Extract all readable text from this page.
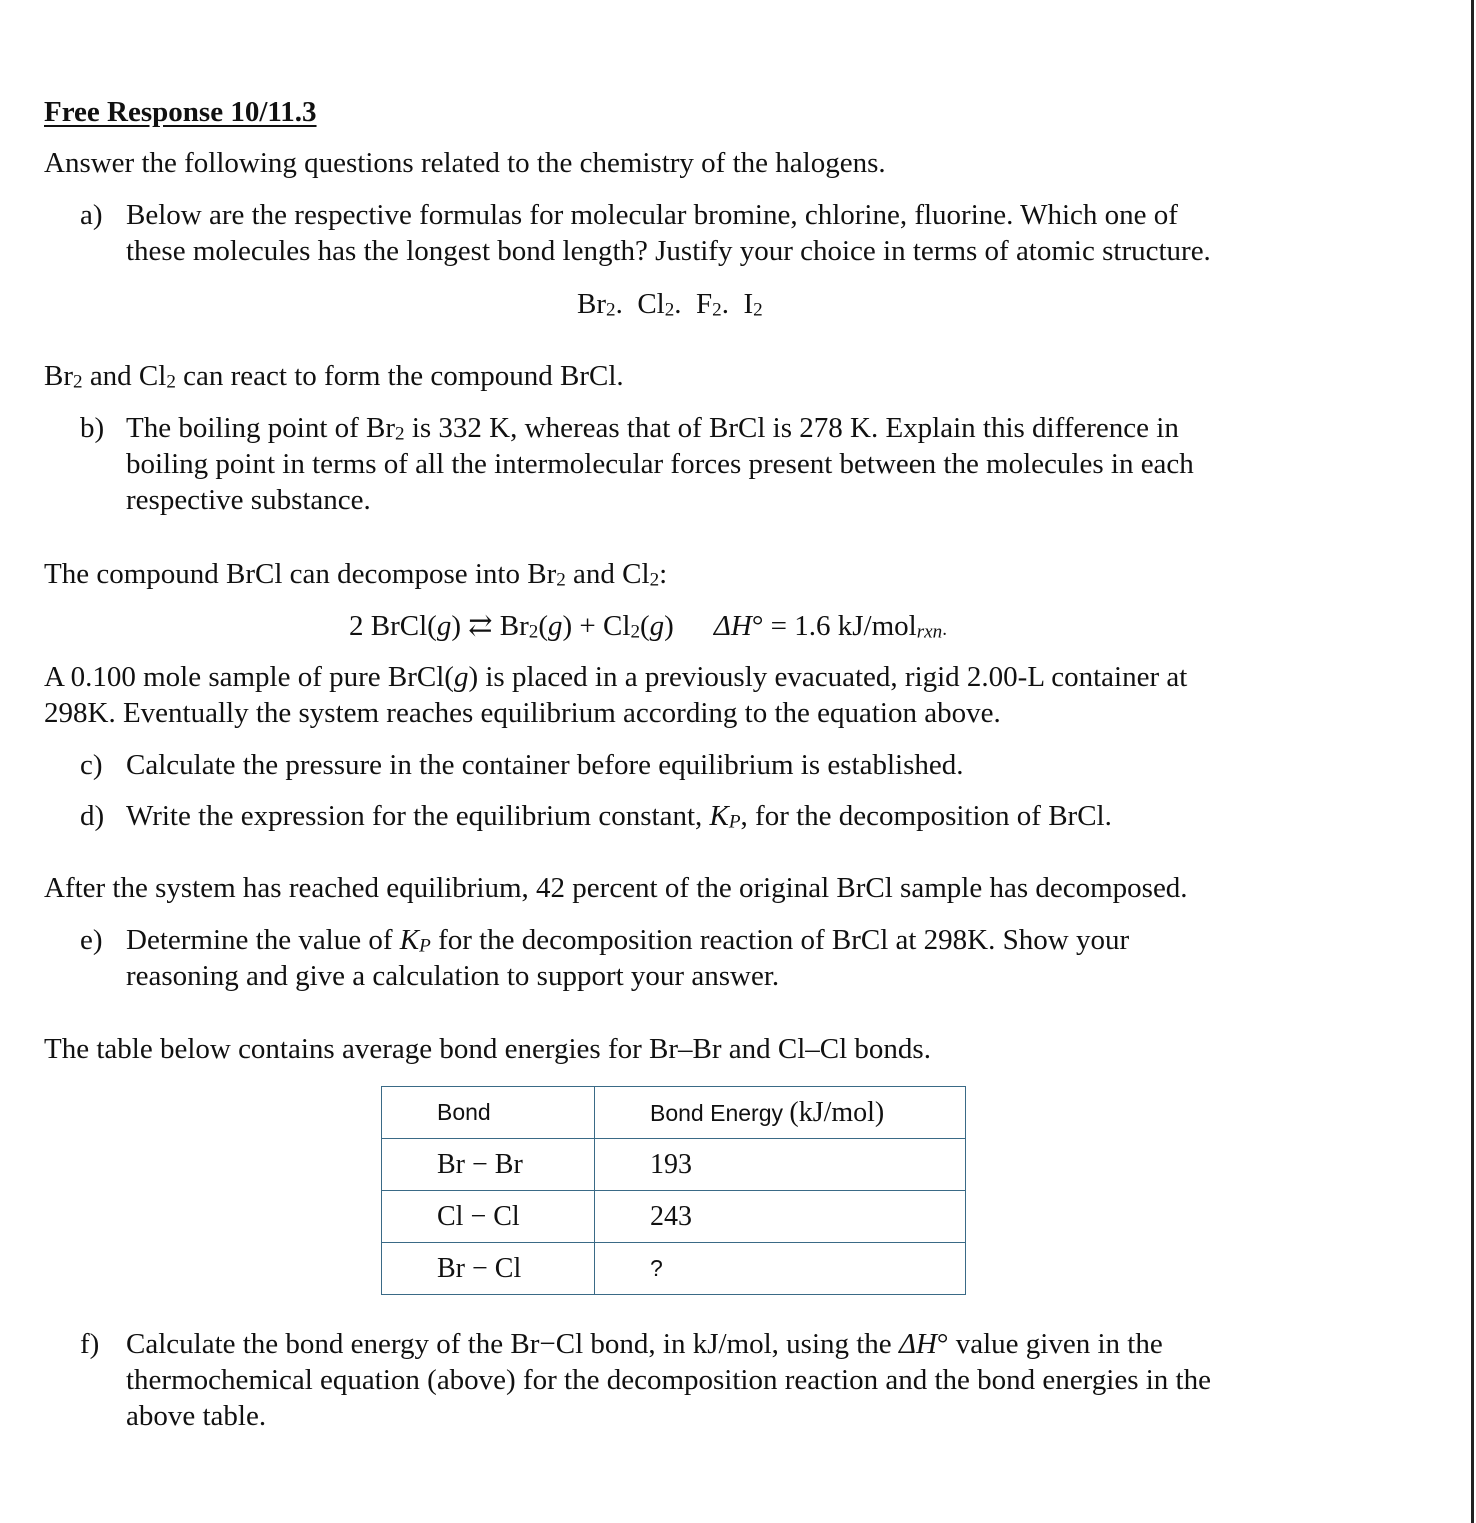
Free Response 10/11.3
Answer the following questions related to the chemistry of the halogens.
a) Below are the respective formulas for molecular bromine, chlorine, fluorine. Which one of
these molecules has the longest bond length? Justify your choice in terms of atomic structure.
$Br_2$. $Cl_2$. $F_2$. $I_2$
$Br_2$ and $Cl_2$ can react to form the compound BrCl.
b) The boiling point of $Br_2$ is 332 K, whereas that of BrCl is 278 K. Explain this difference in
boiling point in terms of all the intermolecular forces present between the molecules in each
respective substance.
The compound BrCl can decompose into $Br_2$ and $Cl_2$:
2 BrCl(g) ⇄ $Br_2(g) + Cl_2(g) \Delta H^\circ = 1.6$ kJ/mol$_{rxn}$.
A 0.100 mole sample of pure BrCl(g) is placed in a previously evacuated, rigid 2.00-L container at
298K. Eventually the system reaches equilibrium according to the equation above.
c) Calculate the pressure in the container before equilibrium is established.
d) Write the expression for the equilibrium constant, $K_P$, for the decomposition of BrCl.
After the system has reached equilibrium, 42 percent of the original BrCl sample has decomposed.
e) Determine the value of $K_P$ for the decomposition reaction of BrCl at 298K. Show your
reasoning and give a calculation to support your answer.
The table below contains average bond energies for Br–Br and Cl–Cl bonds.
Bond	Bond Energy (kJ/mol)
Br − Br	193
Cl − Cl	243
Br − Cl	?
f) Calculate the bond energy of the Br−Cl bond, in kJ/mol, using the ΔH° value given in the
thermochemical equation (above) for the decomposition reaction and the bond energies in the
above table.
